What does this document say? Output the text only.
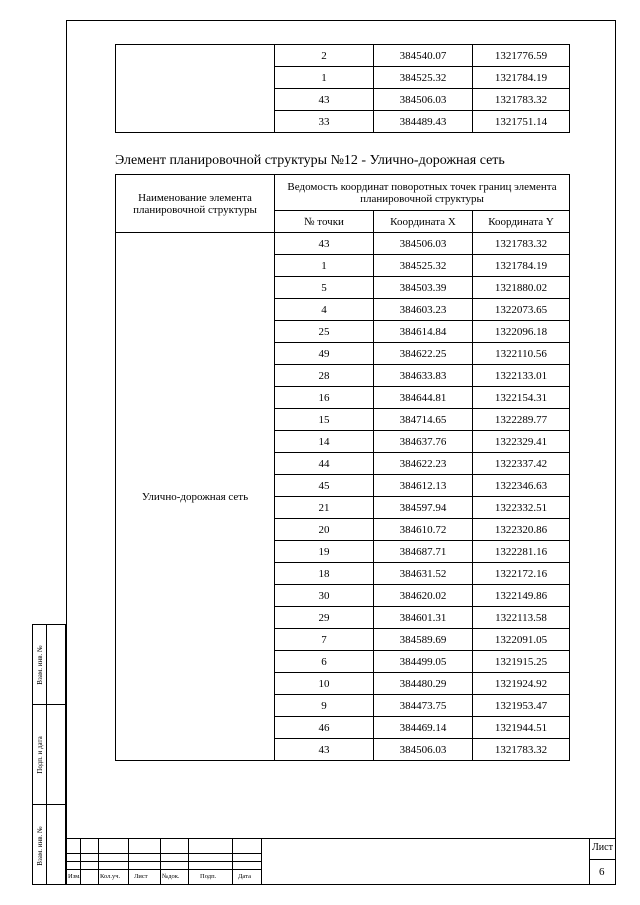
	2	384540.07	1321776.59
	1	384525.32	1321784.19
	43	384506.03	1321783.32
	33	384489.43	1321751.14
Элемент планировочной структуры №12 - Улично-дорожная сеть
Наименование элемента планировочной структуры	Ведомость координат поворотных точек границ элемента планировочной структуры		
	№ точки	Координата X	Координата Y
Улично-дорожная сеть	43	384506.03	1321783.32
	1	384525.32	1321784.19
	5	384503.39	1321880.02
	4	384603.23	1322073.65
	25	384614.84	1322096.18
	49	384622.25	1322110.56
	28	384633.83	1322133.01
	16	384644.81	1322154.31
	15	384714.65	1322289.77
	14	384637.76	1322329.41
	44	384622.23	1322337.42
	45	384612.13	1322346.63
	21	384597.94	1322332.51
	20	384610.72	1322320.86
	19	384687.71	1322281.16
	18	384631.52	1322172.16
	30	384620.02	1322149.86
	29	384601.31	1322113.58
	7	384589.69	1322091.05
	6	384499.05	1321915.25
	10	384480.29	1321924.92
	9	384473.75	1321953.47
	46	384469.14	1321944.51
	43	384506.03	1321783.32
Взам. инв. №
Подп. и дата
Взам. инв. №
Изм.	Кол.уч. Лист №док.	Подп.	Дата
Лист
6
